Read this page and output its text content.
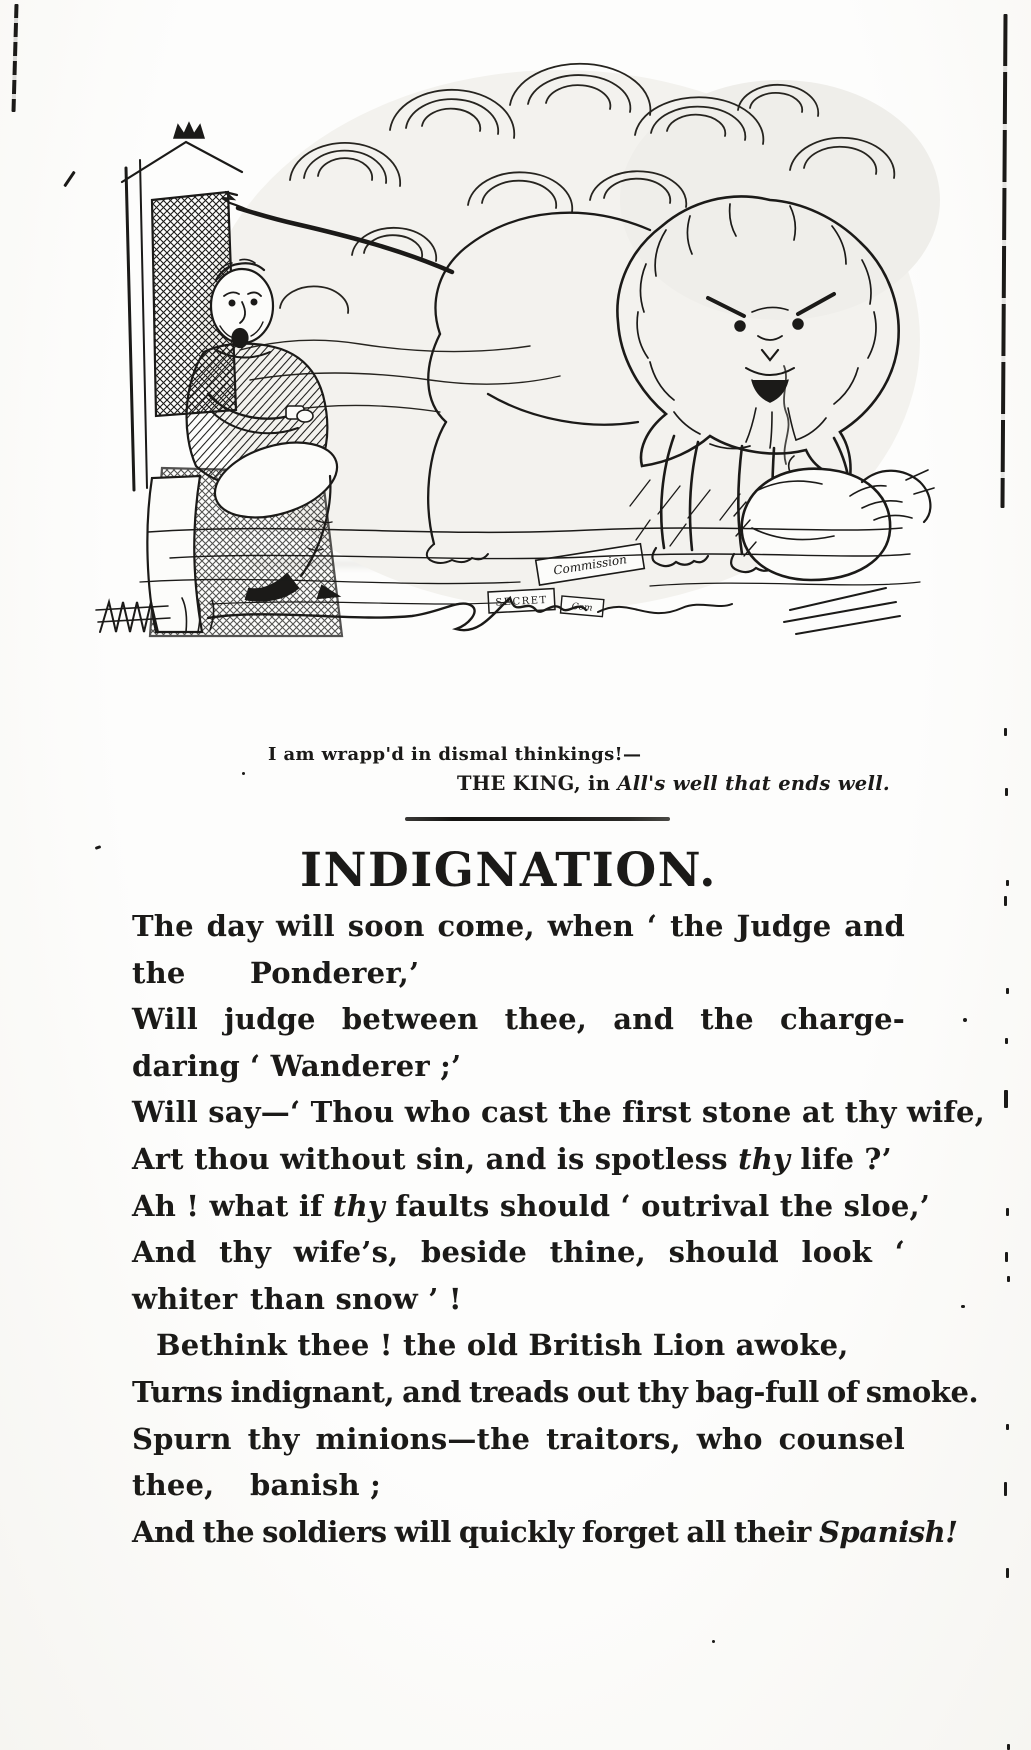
Commission
SECRET	Com
I am wrapp'd in dismal thinkings!—
THE KING, in All's well that ends well.
INDIGNATION.
The day will soon come, when ‘ the Judge and the	Ponderer,’
Will judge between thee, and the charge-daring ‘ Wanderer ;’
Will say—‘ Thou who cast the first stone at thy wife,
Art thou without sin, and is spotless thy life ?’
Ah ! what if thy faults should ‘ outrival the sloe,’
And thy wife’s, beside thine, should look ‘ whiter than snow ’ !
Bethink thee ! the old British Lion awoke,
Turns indignant, and treads out thy bag-full of smoke.
Spurn thy minions—the traitors, who counsel thee,	banish ;
And the soldiers will quickly forget all their Spanish!
